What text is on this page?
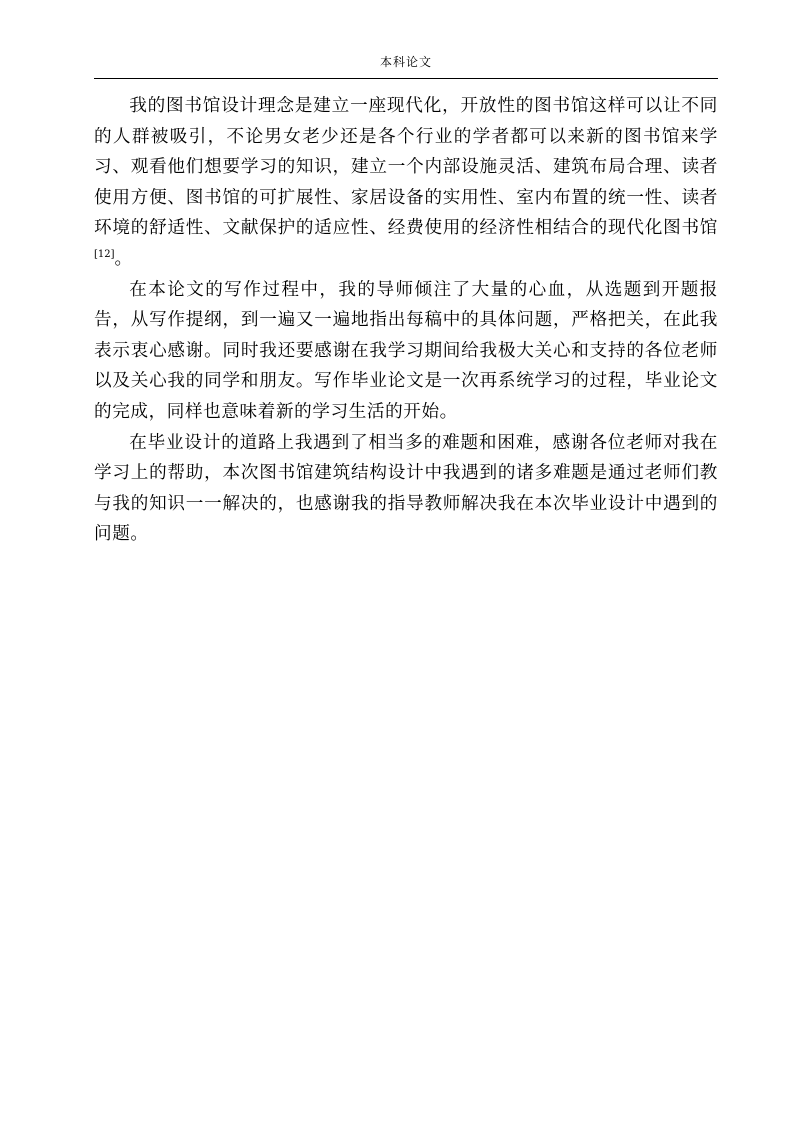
本科论文

我的图书馆设计理念是建立一座现代化，开放性的图书馆这样可以让不同的人群被吸引，不论男女老少还是各个行业的学者都可以来新的图书馆来学习、观看他们想要学习的知识，建立一个内部设施灵活、建筑布局合理、读者使用方便、图书馆的可扩展性、家居设备的实用性、室内布置的统一性、读者环境的舒适性、文献保护的适应性、经费使用的经济性相结合的现代化图书馆[12]。

在本论文的写作过程中，我的导师倾注了大量的心血，从选题到开题报告，从写作提纲，到一遍又一遍地指出每稿中的具体问题，严格把关，在此我表示衷心感谢。同时我还要感谢在我学习期间给我极大关心和支持的各位老师以及关心我的同学和朋友。写作毕业论文是一次再系统学习的过程，毕业论文的完成，同样也意味着新的学习生活的开始。

在毕业设计的道路上我遇到了相当多的难题和困难，感谢各位老师对我在学习上的帮助，本次图书馆建筑结构设计中我遇到的诸多难题是通过老师们教与我的知识一一解决的，也感谢我的指导教师解决我在本次毕业设计中遇到的问题。
